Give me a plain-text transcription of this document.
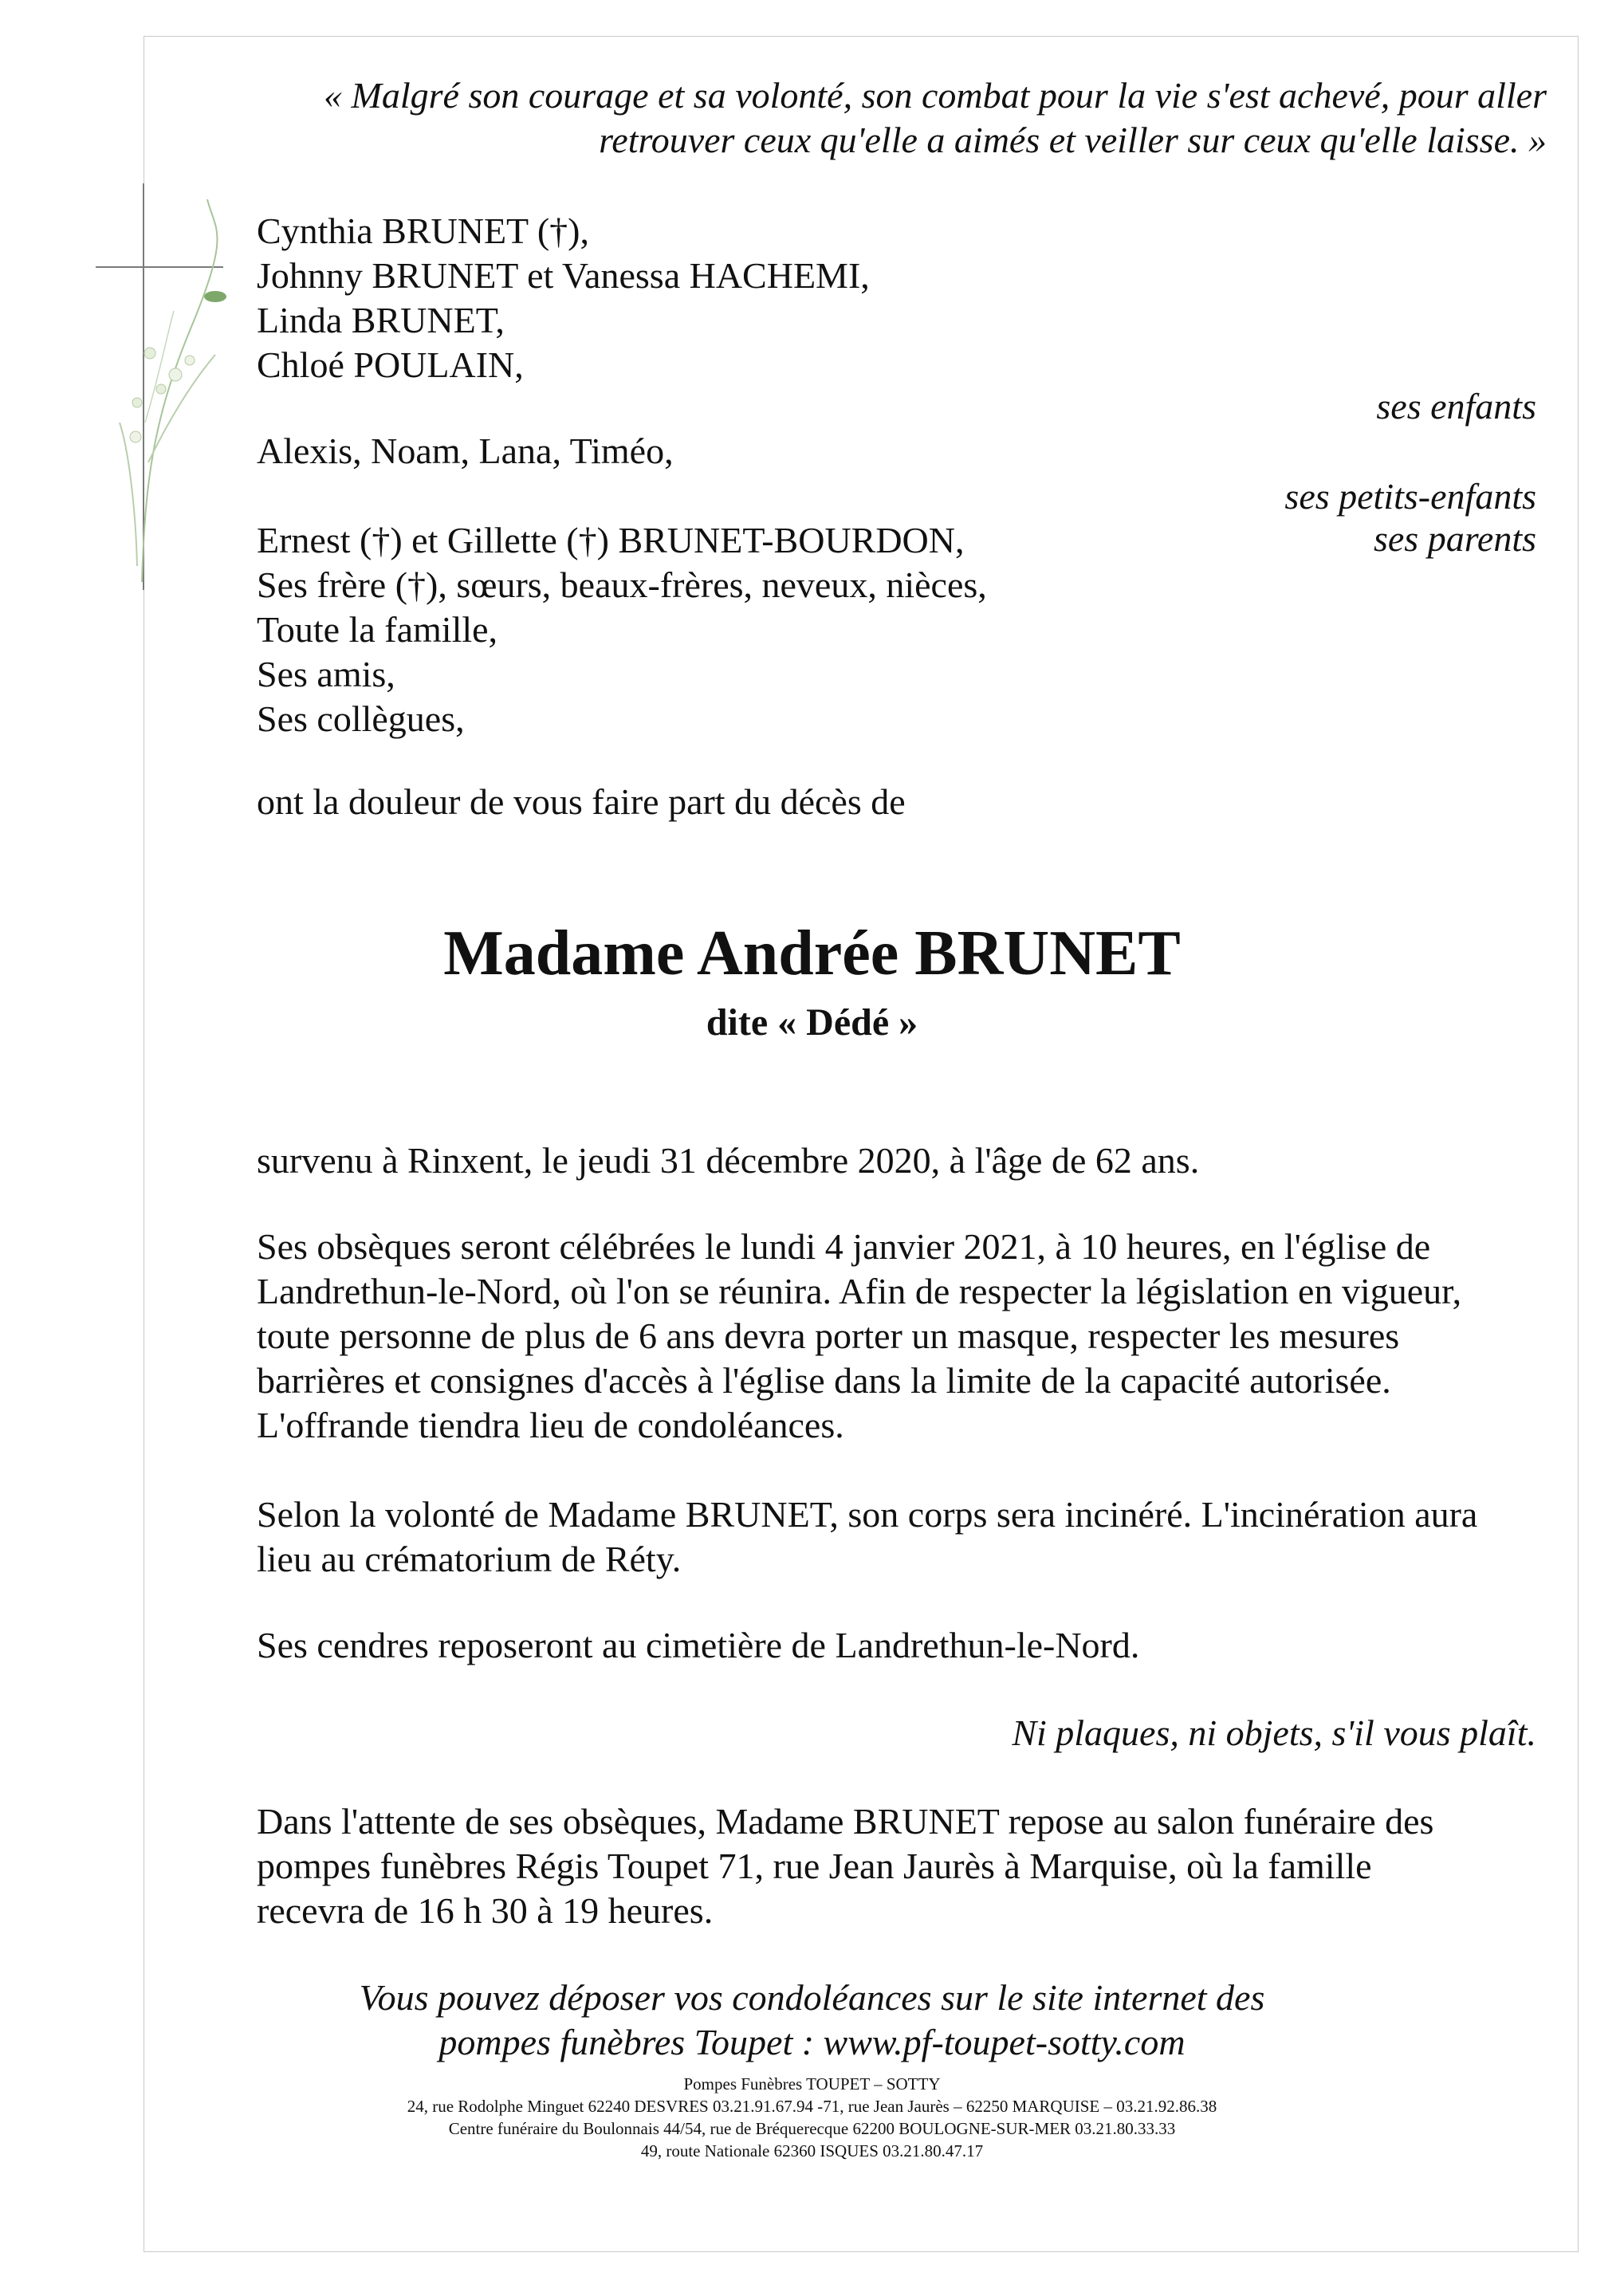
« Malgré son courage et sa volonté, son combat pour la vie s'est achevé, pour aller
retrouver ceux qu'elle a aimés et veiller sur ceux qu'elle laisse. »
Cynthia BRUNET (†),
Johnny BRUNET et Vanessa HACHEMI,
Linda BRUNET,
Chloé POULAIN,
ses enfants
Alexis, Noam, Lana, Timéo,
ses petits-enfants
Ernest (†) et Gillette (†) BRUNET-BOURDON,	ses parents
Ses frère (†), sœurs, beaux-frères, neveux, nièces,
Toute la famille,
Ses amis,
Ses collègues,
ont la douleur de vous faire part du décès de
Madame Andrée BRUNET
dite « Dédé »
survenu à Rinxent, le jeudi 31 décembre 2020, à l'âge de 62 ans.
Ses obsèques seront célébrées le lundi 4 janvier 2021, à 10 heures, en l'église de
Landrethun-le-Nord, où l'on se réunira. Afin de respecter la législation en vigueur,
toute personne de plus de 6 ans devra porter un masque, respecter les mesures
barrières et consignes d'accès à l'église dans la limite de la capacité autorisée.
L'offrande tiendra lieu de condoléances.
Selon la volonté de Madame BRUNET, son corps sera incinéré. L'incinération aura
lieu au crématorium de Réty.
Ses cendres reposeront au cimetière de Landrethun-le-Nord.
Ni plaques, ni objets, s'il vous plaît.
Dans l'attente de ses obsèques, Madame BRUNET repose au salon funéraire des
pompes funèbres Régis Toupet 71, rue Jean Jaurès à Marquise, où la famille
recevra de 16 h 30 à 19 heures.
Vous pouvez déposer vos condoléances sur le site internet des
pompes funèbres Toupet : www.pf-toupet-sotty.com
Pompes Funèbres TOUPET – SOTTY
24, rue Rodolphe Minguet 62240 DESVRES 03.21.91.67.94 -71, rue Jean Jaurès – 62250 MARQUISE – 03.21.92.86.38
Centre funéraire du Boulonnais 44/54, rue de Bréquerecque 62200 BOULOGNE-SUR-MER 03.21.80.33.33
49, route Nationale 62360 ISQUES 03.21.80.47.17
